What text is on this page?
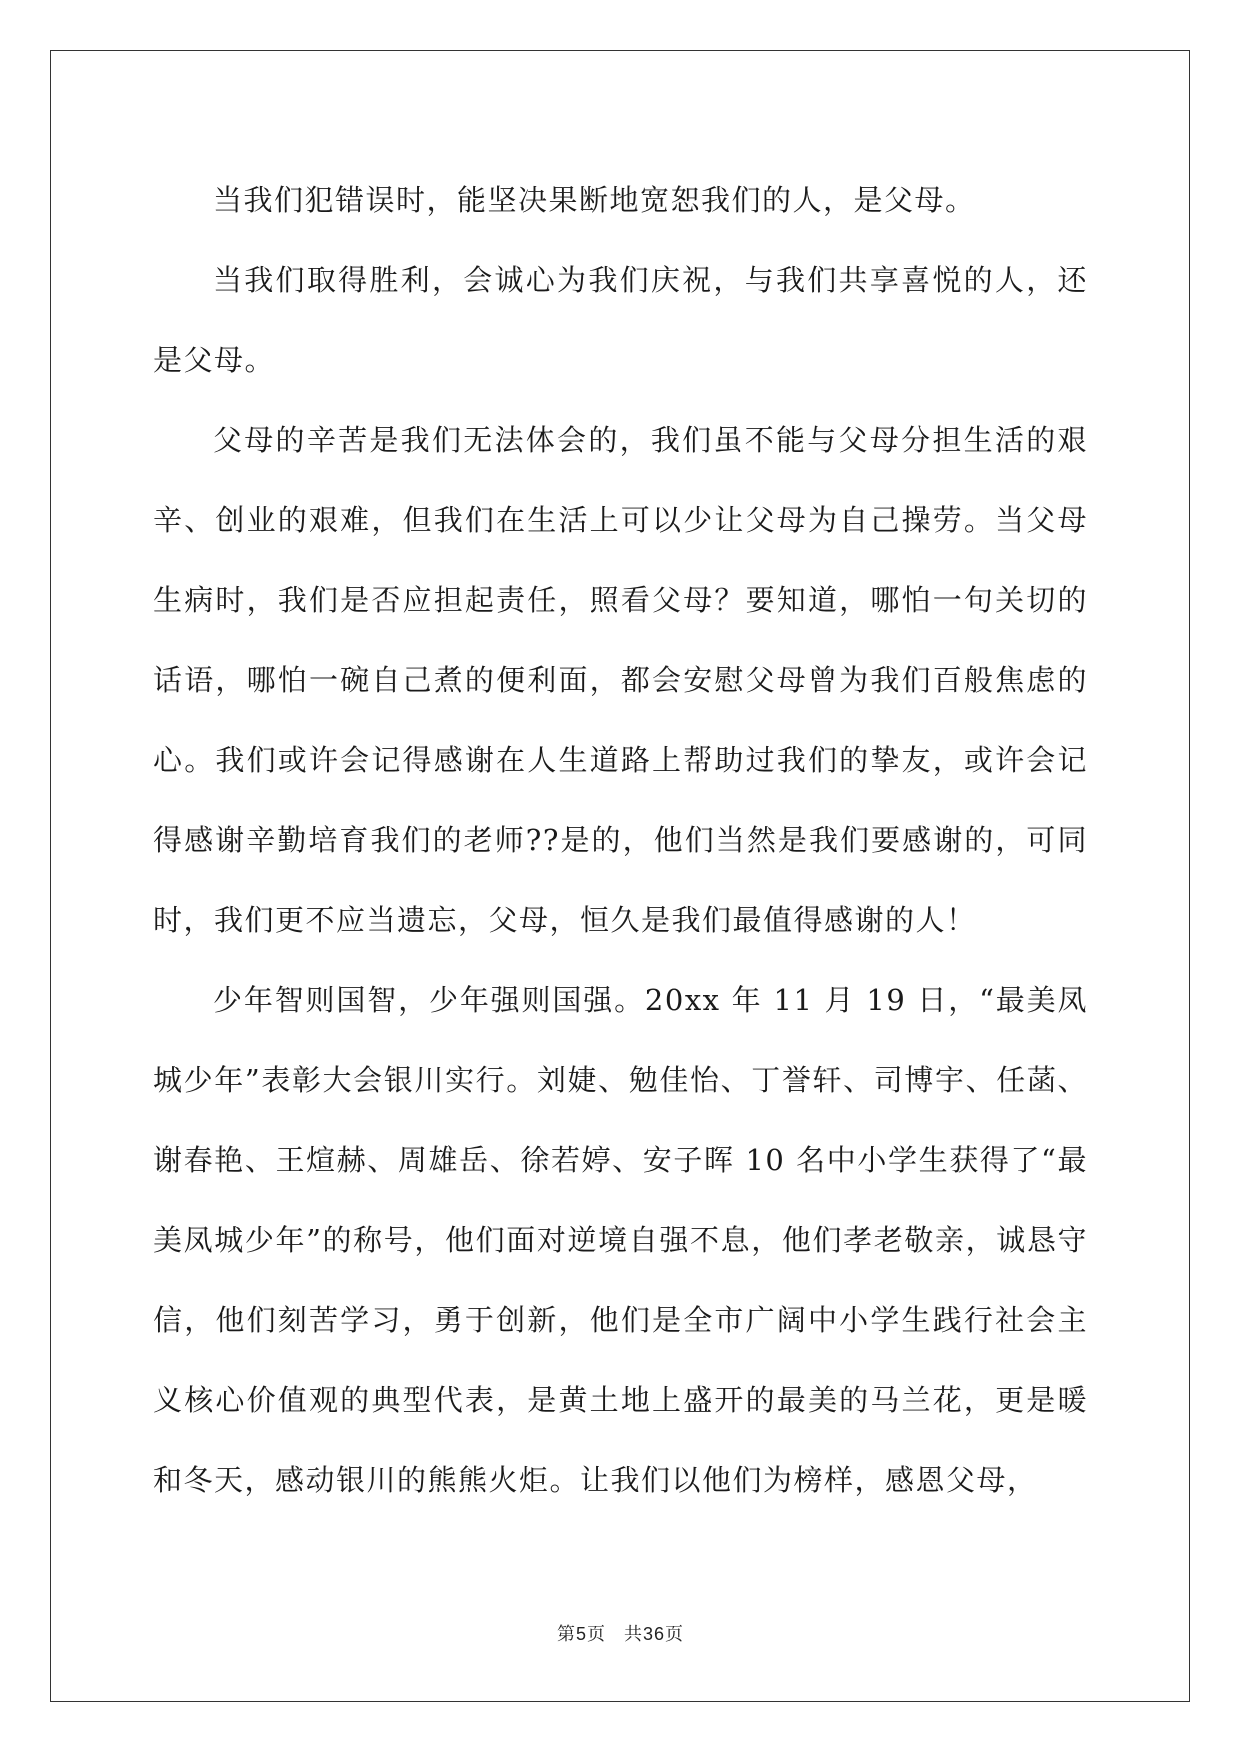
当我们犯错误时，能坚决果断地宽恕我们的人，是父母。

当我们取得胜利，会诚心为我们庆祝，与我们共享喜悦的人，还是父母。

父母的辛苦是我们无法体会的，我们虽不能与父母分担生活的艰辛、创业的艰难，但我们在生活上可以少让父母为自己操劳。当父母生病时，我们是否应担起责任，照看父母？要知道，哪怕一句关切的话语，哪怕一碗自己煮的便利面，都会安慰父母曾为我们百般焦虑的心。我们或许会记得感谢在人生道路上帮助过我们的挚友，或许会记得感谢辛勤培育我们的老师??是的，他们当然是我们要感谢的，可同时，我们更不应当遗忘，父母，恒久是我们最值得感谢的人！

少年智则国智，少年强则国强。20xx 年 11 月 19 日，“最美凤城少年”表彰大会银川实行。刘婕、勉佳怡、丁誉轩、司博宇、任菡、谢春艳、王煊赫、周雄岳、徐若婷、安子晖 10 名中小学生获得了“最美凤城少年”的称号，他们面对逆境自强不息，他们孝老敬亲，诚恳守信，他们刻苦学习，勇于创新，他们是全市广阔中小学生践行社会主义核心价值观的典型代表，是黄土地上盛开的最美的马兰花，更是暖和冬天，感动银川的熊熊火炬。让我们以他们为榜样，感恩父母，

第5页 共36页
